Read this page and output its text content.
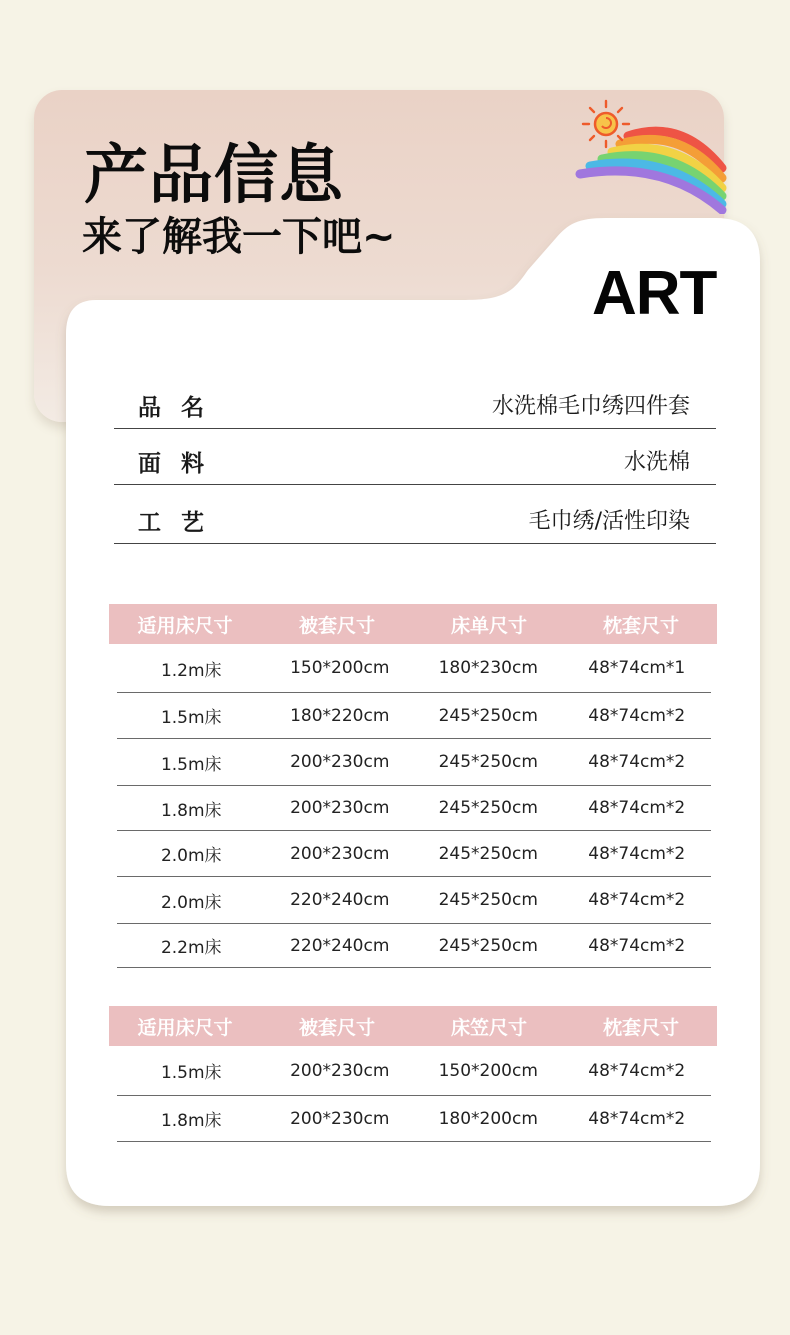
产品信息
来了解我一下吧~
ART
品名	水洗棉毛巾绣四件套
面料	水洗棉
工艺	毛巾绣/活性印染
适用床尺寸	被套尺寸	床单尺寸	枕套尺寸
1.2m床	150*200cm	180*230cm	48*74cm*1
1.5m床	180*220cm	245*250cm	48*74cm*2
1.5m床	200*230cm	245*250cm	48*74cm*2
1.8m床	200*230cm	245*250cm	48*74cm*2
2.0m床	200*230cm	245*250cm	48*74cm*2
2.0m床	220*240cm	245*250cm	48*74cm*2
2.2m床	220*240cm	245*250cm	48*74cm*2
适用床尺寸	被套尺寸	床笠尺寸	枕套尺寸
1.5m床	200*230cm	150*200cm	48*74cm*2
1.8m床	200*230cm	180*200cm	48*74cm*2
